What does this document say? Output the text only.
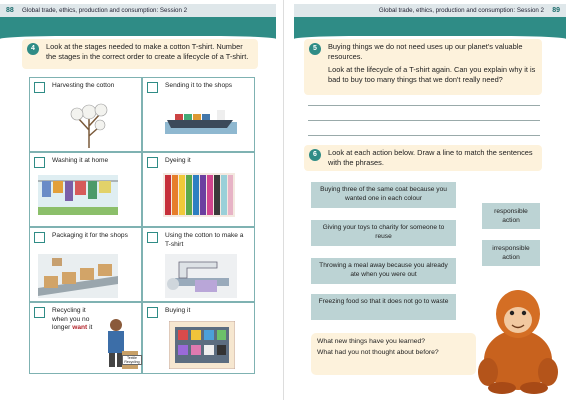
88 Global trade, ethics, production and consumption: Session 2
4	Look at the stages needed to make a cotton T-shirt. Number the stages in the correct order to create a lifecycle of a T-shirt.
Harvesting the cotton	Sending it to the shops
Washing it at home	Dyeing it
Packaging it for the shops	Using the cotton to make a T-shirt
Recycling it when you no longer want it
Textile Recycling
Buying it
Global trade, ethics, production and consumption: Session 2 89
5	Buying things we do not need uses up our planet's valuable resources.
Look at the lifecycle of a T-shirt again. Can you explain why it is bad to buy too many things that we don't really need?
6	Look at each action below. Draw a line to match the sentences with the phrases.
Buying three of the same coat because you wanted one in each colour
Giving your toys to charity for someone to reuse
Throwing a meal away because you already ate when you were out
Freezing food so that it does not go to waste
responsible action
irresponsible action
What new things have you learned?
What had you not thought about before?
